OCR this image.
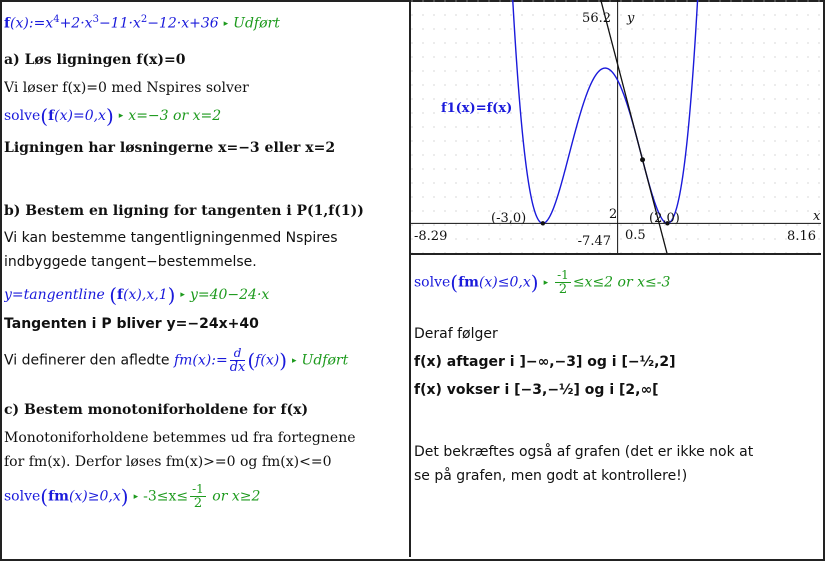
$f(x):=x^4+2\cdot x^3-11\cdot x^2-12\cdot x+36$ ▸ Udført
a) Løs ligningen f(x)=0
Vi løser f(x)=0 med Nspires solver
solve(f(x)=0,x) ▸ x=−3 or x=2
Ligningen har løsningerne x=−3 eller x=2
b) Bestem en ligning for tangenten i P(1,f(1))
Vi kan bestemme tangentligningenmed Nspires
indbyggede tangent−bestemmelse.
y=tangentline (f(x),x,1) ▸ y=40−24·x
Tangenten i P bliver y=−24x+40
Vi definerer den afledte fm(x):= $\frac{d}{dx} (f(x))$ ▸ Udført
c) Bestem monotoniforholdene for f(x)
Monotoniforholdene betemmes ud fra fortegnene
for fm(x). Derfor løses fm(x)>=0 og fm(x)<=0
solve(fm(x)≥0,x) ▸ $-3\le x\le \frac{-1}{2}$ or x≥2
56.2 y
x
-8.29	8.16
-7.47 0.5
(-3,0)	(2,0)
2
f1(x)=f(x)
solve(fm(x)≤0,x) ▸ $\frac{-1}{2} \le x\le 2$ or x≤-3
Deraf følger
f(x) aftager i ]−∞,−3] og i [−½,2]
f(x) vokser i [−3,−½] og i [2,∞[
Det bekræftes også af grafen (det er ikke nok at
se på grafen, men godt at kontrollere!)
